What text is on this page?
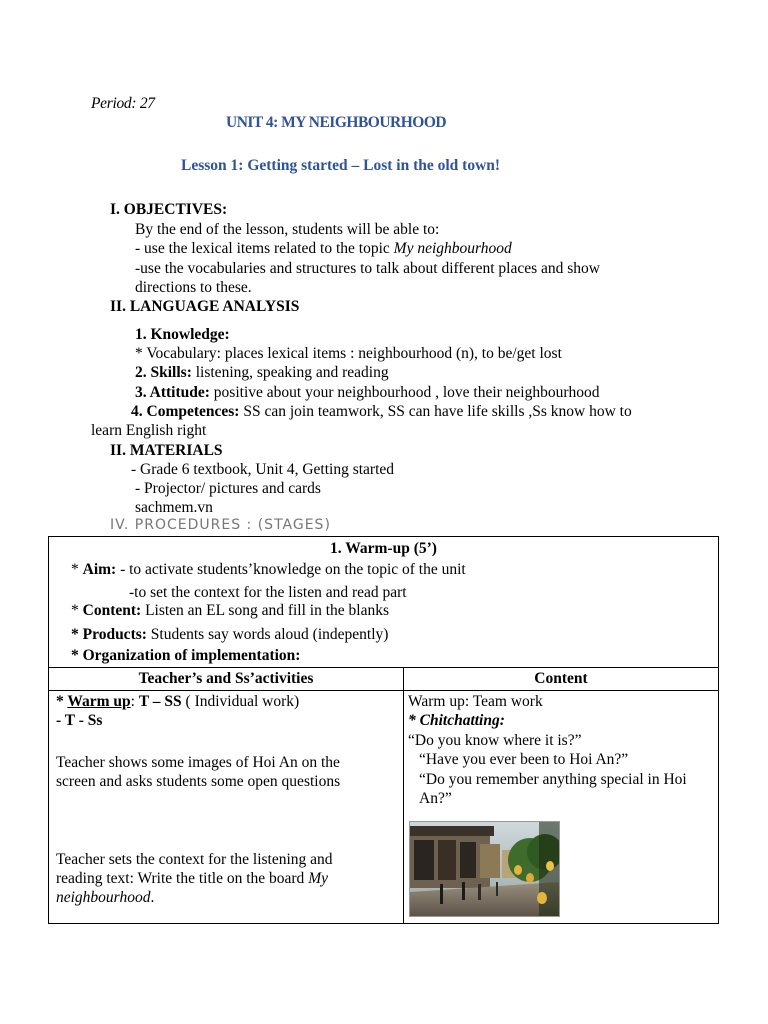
Period: 27
UNIT 4: MY NEIGHBOURHOOD
Lesson 1: Getting started – Lost in the old town!
I. OBJECTIVES:
By the end of the lesson, students will be able to:
- use the lexical items related to the topic My neighbourhood
-use the vocabularies and structures to talk about different places and show
directions to these.
II. LANGUAGE ANALYSIS
1. Knowledge:
* Vocabulary: places lexical items : neighbourhood (n), to be/get lost
2. Skills: listening, speaking and reading
3. Attitude: positive about your neighbourhood , love their neighbourhood
4. Competences: SS can join teamwork, SS can have life skills ,Ss know how to
learn English right
II. MATERIALS
- Grade 6 textbook, Unit 4, Getting started
- Projector/ pictures and cards
sachmem.vn
IV. PROCEDURES : (STAGES)
1. Warm-up (5’)
* Aim: - to activate students’knowledge on the topic of the unit
-to set the context for the listen and read part
* Content: Listen an EL song and fill in the blanks
* Products: Students say words aloud (indepently)
* Organization of implementation:
Teacher’s and Ss’activities	Content
* Warm up: T – SS ( Individual work)
- T - Ss
Teacher shows some images of Hoi An on the
screen and asks students some open questions
Teacher sets the context for the listening and
reading text: Write the title on the board My
neighbourhood.
Warm up: Team work
* Chitchatting:
“Do you know where it is?”
“Have you ever been to Hoi An?”
“Do you remember anything special in Hoi
An?”
